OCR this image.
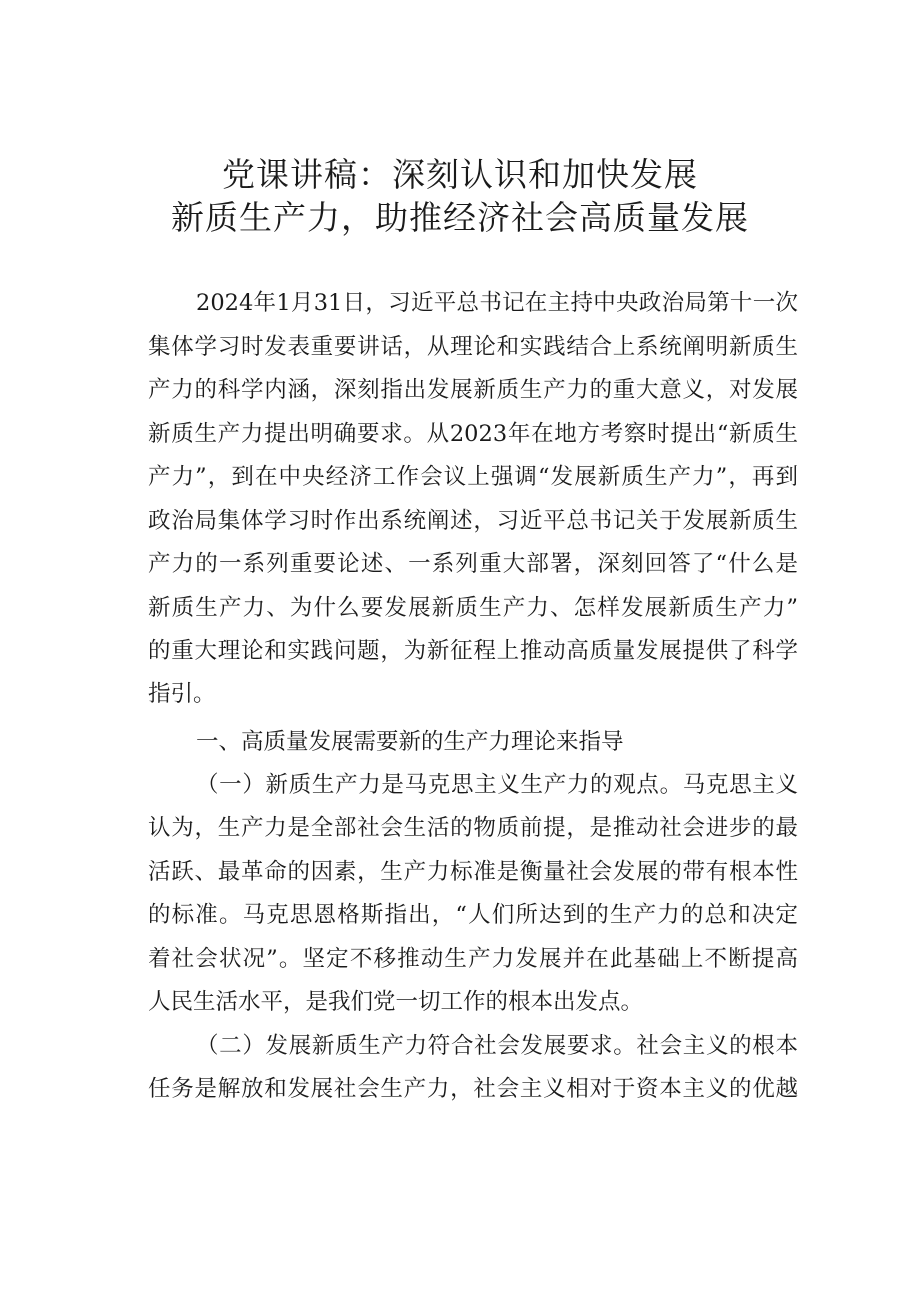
党课讲稿：深刻认识和加快发展
新质生产力，助推经济社会高质量发展
2024年1月31日，习近平总书记在主持中央政治局第十一次
集体学习时发表重要讲话，从理论和实践结合上系统阐明新质生
产力的科学内涵，深刻指出发展新质生产力的重大意义，对发展
新质生产力提出明确要求。从2023年在地方考察时提出“新质生
产力”，到在中央经济工作会议上强调“发展新质生产力”，再到
政治局集体学习时作出系统阐述，习近平总书记关于发展新质生
产力的一系列重要论述、一系列重大部署，深刻回答了“什么是
新质生产力、为什么要发展新质生产力、怎样发展新质生产力”
的重大理论和实践问题，为新征程上推动高质量发展提供了科学
指引。
一、高质量发展需要新的生产力理论来指导
（一）新质生产力是马克思主义生产力的观点。马克思主义
认为，生产力是全部社会生活的物质前提，是推动社会进步的最
活跃、最革命的因素，生产力标准是衡量社会发展的带有根本性
的标准。马克思恩格斯指出，“人们所达到的生产力的总和决定
着社会状况”。坚定不移推动生产力发展并在此基础上不断提高
人民生活水平，是我们党一切工作的根本出发点。
（二）发展新质生产力符合社会发展要求。社会主义的根本
任务是解放和发展社会生产力，社会主义相对于资本主义的优越
